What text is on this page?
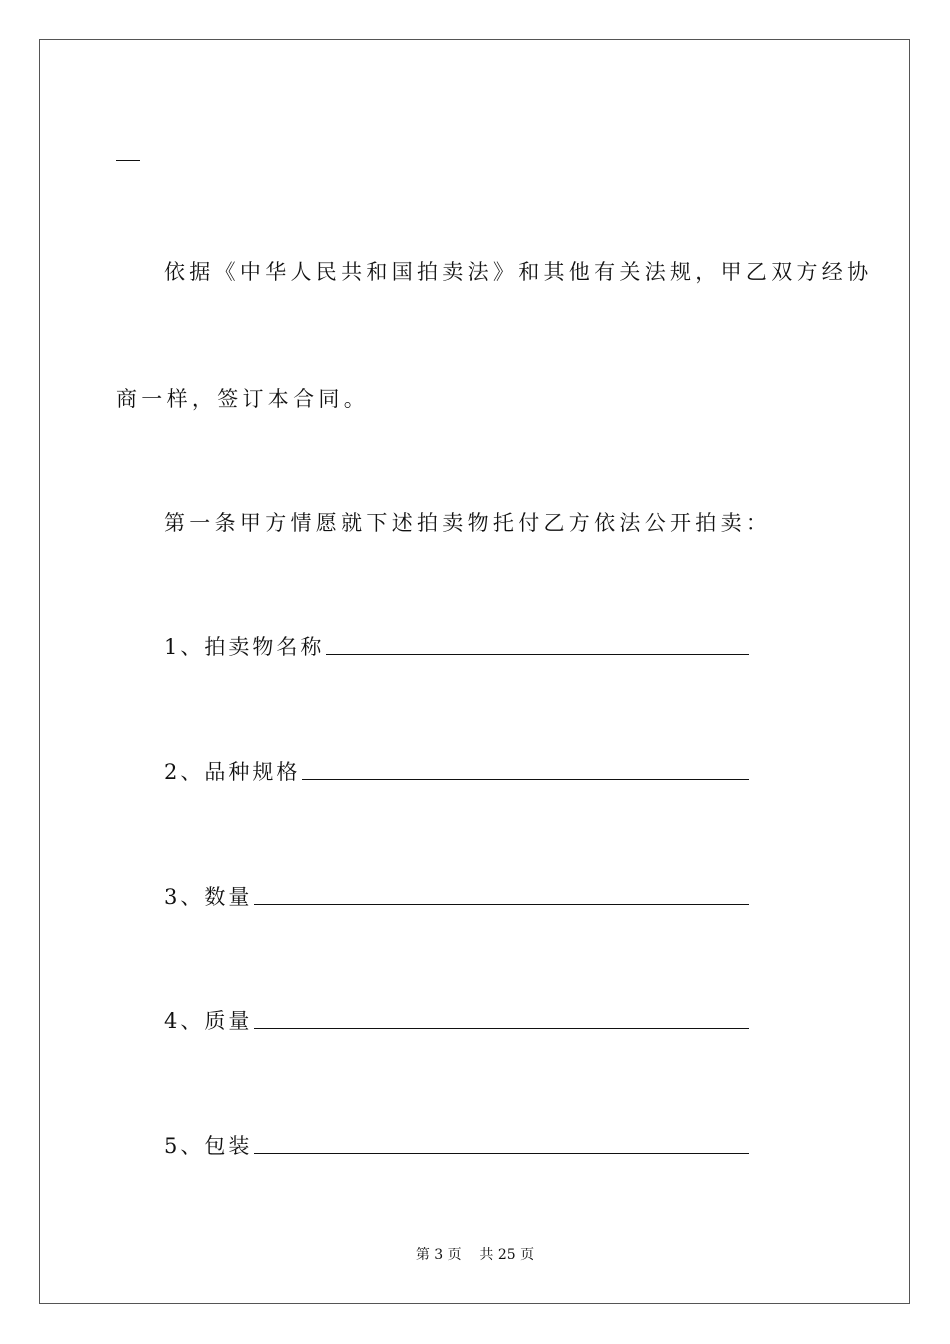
依据《中华人民共和国拍卖法》和其他有关法规，甲乙双方经协
商一样，签订本合同。
第一条甲方情愿就下述拍卖物托付乙方依法公开拍卖：
1、拍卖物名称
2、品种规格
3、数量
4、质量
5、包装
第 3 页    共 25 页
